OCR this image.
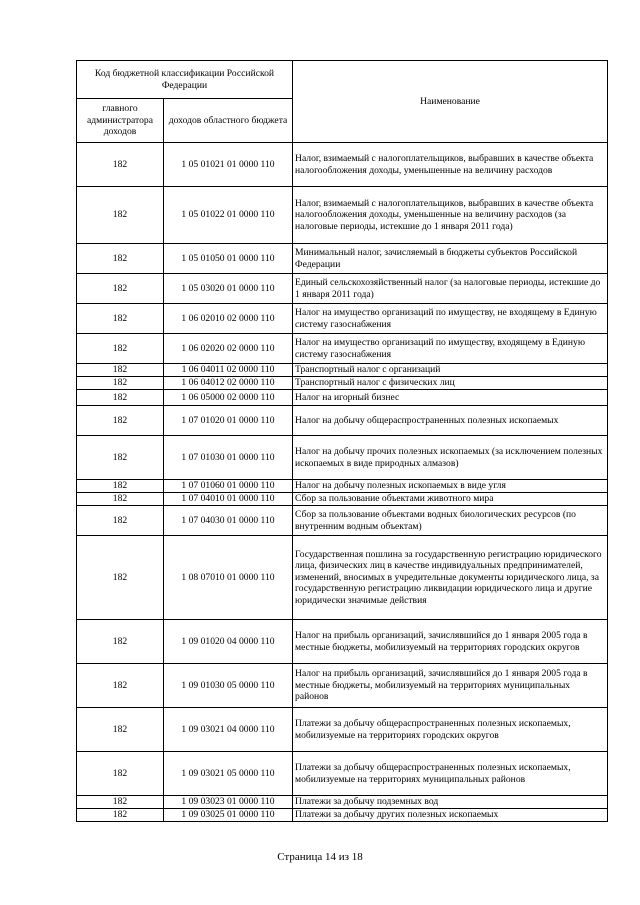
Код бюджетной классификации Российской Федерации		Наименование
главного администратора доходов	доходов областного бюджета	
182	1 05 01021 01 0000 110	Налог, взимаемый с налогоплательщиков, выбравших в качестве объекта налогообложения доходы, уменьшенные на величину расходов
182	1 05 01022 01 0000 110	Налог, взимаемый с налогоплательщиков, выбравших в качестве объекта налогообложения доходы, уменьшенные на величину расходов (за налоговые периоды, истекшие до 1 января 2011 года)
182	1 05 01050 01 0000 110	Минимальный налог, зачисляемый в бюджеты субъектов Российской Федерации
182	1 05 03020 01 0000 110	Единый сельскохозяйственный налог (за налоговые периоды, истекшие до 1 января 2011 года)
182	1 06 02010 02 0000 110	Налог на имущество организаций по имуществу, не входящему в Единую систему газоснабжения
182	1 06 02020 02 0000 110	Налог на имущество организаций по имуществу, входящему в Единую систему газоснабжения
182	1 06 04011 02 0000 110	Транспортный налог с организаций
182	1 06 04012 02 0000 110	Транспортный налог с физических лиц
182	1 06 05000 02 0000 110	Налог на игорный бизнес
182	1 07 01020 01 0000 110	Налог на добычу общераспространенных полезных ископаемых
182	1 07 01030 01 0000 110	Налог на добычу прочих полезных ископаемых (за исключением полезных ископаемых в виде природных алмазов)
182	1 07 01060 01 0000 110	Налог на добычу полезных ископаемых в виде угля
182	1 07 04010 01 0000 110	Сбор за пользование объектами животного мира
182	1 07 04030 01 0000 110	Сбор за пользование объектами водных биологических ресурсов (по внутренним водным объектам)
182	1 08 07010 01 0000 110	Государственная пошлина за государственную регистрацию юридического лица, физических лиц в качестве индивидуальных предпринимателей, изменений, вносимых в учредительные документы юридического лица, за государственную регистрацию ликвидации юридического лица и другие юридически значимые действия
182	1 09 01020 04 0000 110	Налог на прибыль организаций, зачислявшийся до 1 января 2005 года в местные бюджеты, мобилизуемый на территориях городских округов
182	1 09 01030 05 0000 110	Налог на прибыль организаций, зачислявшийся до 1 января 2005 года в местные бюджеты, мобилизуемый на территориях муниципальных районов
182	1 09 03021 04 0000 110	Платежи за добычу общераспространенных полезных ископаемых, мобилизуемые на территориях городских округов
182	1 09 03021 05 0000 110	Платежи за добычу общераспространенных полезных ископаемых, мобилизуемые на территориях муниципальных районов
182	1 09 03023 01 0000 110	Платежи за добычу подземных вод
182	1 09 03025 01 0000 110	Платежи за добычу других полезных ископаемых
Страница 14 из 18
